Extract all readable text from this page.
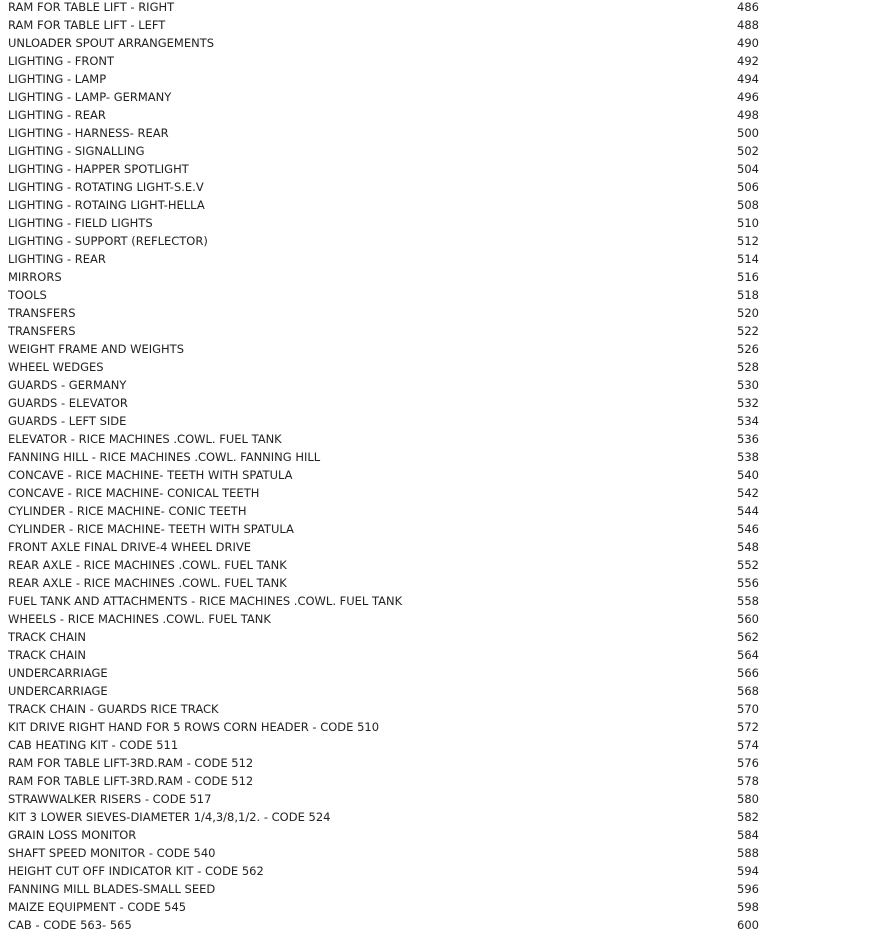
RAM FOR TABLE LIFT - RIGHT	486
RAM FOR TABLE LIFT - LEFT	488
UNLOADER SPOUT ARRANGEMENTS	490
LIGHTING - FRONT	492
LIGHTING - LAMP	494
LIGHTING - LAMP- GERMANY	496
LIGHTING - REAR	498
LIGHTING - HARNESS- REAR	500
LIGHTING - SIGNALLING	502
LIGHTING - HAPPER SPOTLIGHT	504
LIGHTING - ROTATING LIGHT-S.E.V	506
LIGHTING - ROTAING LIGHT-HELLA	508
LIGHTING - FIELD LIGHTS	510
LIGHTING - SUPPORT (REFLECTOR)	512
LIGHTING - REAR	514
MIRRORS	516
TOOLS	518
TRANSFERS	520
TRANSFERS	522
WEIGHT FRAME AND WEIGHTS	526
WHEEL WEDGES	528
GUARDS - GERMANY	530
GUARDS - ELEVATOR	532
GUARDS - LEFT SIDE	534
ELEVATOR - RICE MACHINES .COWL. FUEL TANK	536
FANNING HILL - RICE MACHINES .COWL. FANNING HILL	538
CONCAVE - RICE MACHINE- TEETH WITH SPATULA	540
CONCAVE - RICE MACHINE- CONICAL TEETH	542
CYLINDER - RICE MACHINE- CONIC TEETH	544
CYLINDER - RICE MACHINE- TEETH WITH SPATULA	546
FRONT AXLE FINAL DRIVE-4 WHEEL DRIVE	548
REAR AXLE - RICE MACHINES .COWL. FUEL TANK	552
REAR AXLE - RICE MACHINES .COWL. FUEL TANK	556
FUEL TANK AND ATTACHMENTS - RICE MACHINES .COWL. FUEL TANK	558
WHEELS - RICE MACHINES .COWL. FUEL TANK	560
TRACK CHAIN	562
TRACK CHAIN	564
UNDERCARRIAGE	566
UNDERCARRIAGE	568
TRACK CHAIN - GUARDS RICE TRACK	570
KIT DRIVE RIGHT HAND FOR 5 ROWS CORN HEADER - CODE 510	572
CAB HEATING KIT - CODE 511	574
RAM FOR TABLE LIFT-3RD.RAM - CODE 512	576
RAM FOR TABLE LIFT-3RD.RAM - CODE 512	578
STRAWWALKER RISERS - CODE 517	580
KIT 3 LOWER SIEVES-DIAMETER 1/4,3/8,1/2. - CODE 524	582
GRAIN LOSS MONITOR	584
SHAFT SPEED MONITOR - CODE 540	588
HEIGHT CUT OFF INDICATOR KIT - CODE 562	594
FANNING MILL BLADES-SMALL SEED	596
MAIZE EQUIPMENT - CODE 545	598
CAB - CODE 563- 565	600
